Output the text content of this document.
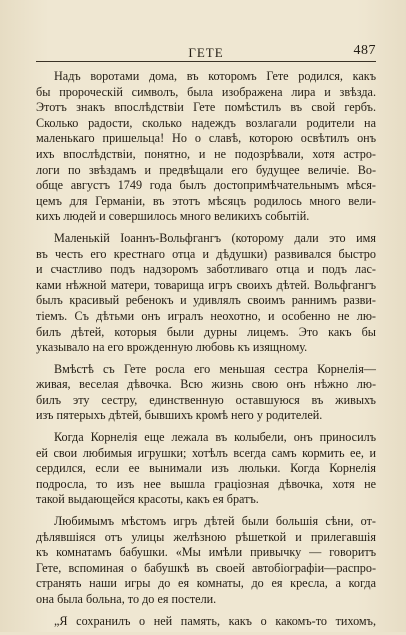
ГЕТЕ	487
Надъ воротами дома, въ которомъ Гете родился, какъ
бы пророческiй символъ, была изображена лира и звѣзда.
Этотъ знакъ впослѣдствiи Гете помѣстилъ въ свой гербъ.
Сколько радости, сколько надеждъ возлагали родители на
маленькаго пришельца! Но о славѣ, которою освѣтилъ онъ
ихъ впослѣдствiи, понятно, и не подозрѣвали, хотя астро-
логи по звѣздамъ и предвѣщали его будущее величiе. Во-
обще августъ 1749 года былъ достопримѣчательнымъ мѣся-
цемъ для Германiи, въ этотъ мѣсяцъ родилось много вели-
кихъ людей и совершилось много великихъ событiй.
Маленькiй Iоаннъ-Вольфгангъ (которому дали это имя
въ честь его крестнаго отца и дѣдушки) развивался быстро
и счастливо подъ надзоромъ заботливаго отца и подъ лас-
ками нѣжной матери, товарища игръ своихъ дѣтей. Вольфгангъ
былъ красивый ребенокъ и удивлялъ своимъ раннимъ разви-
тiемъ. Съ дѣтьми онъ игралъ неохотно, и особенно не лю-
билъ дѣтей, которыя были дурны лицемъ. Это какъ бы
указывало на его врожденную любовь къ изящному.
Вмѣстѣ съ Гете росла его меньшая сестра Корнелiя—
живая, веселая дѣвочка. Всю жизнь свою онъ нѣжно лю-
билъ эту сестру, единственную оставшуюся въ живыхъ
изъ пятерыхъ дѣтей, бывшихъ кромѣ него у родителей.
Когда Корнелiя еще лежала въ колыбели, онъ приносилъ
ей свои любимыя игрушки; хотѣлъ всегда самъ кормить ее, и
сердился, если ее вынимали изъ люльки. Когда Корнелiя
подросла, то изъ нее вышла грацiозная дѣвочка, хотя не
такой выдающейся красоты, какъ ея братъ.
Любимымъ мѣстомъ игръ дѣтей были большiя сѣни, от-
дѣлявшiяся отъ улицы желѣзною рѣшеткой и прилегавшiя
къ комнатамъ бабушки. «Мы имѣли привычку — говоритъ
Гете, вспоминая о бабушкѣ въ своей автобiографiи—распро-
странять наши игры до ея комнаты, до ея кресла, а когда
она была больна, то до ея постели.
„Я сохранилъ о ней память, какъ о какомъ-то тихомъ,
